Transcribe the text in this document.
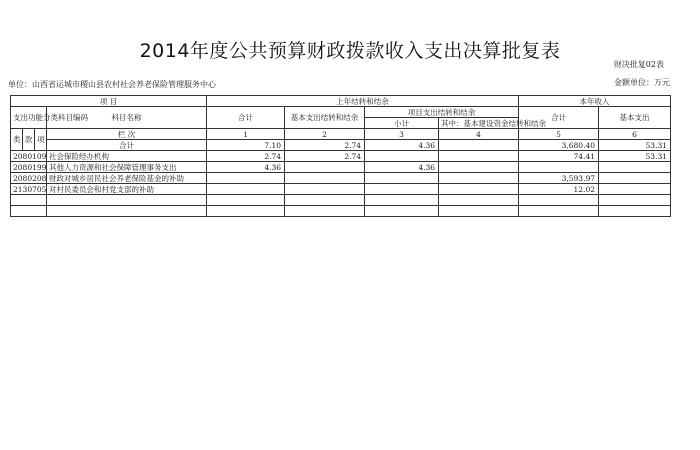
2014年度公共预算财政拨款收入支出决算批复表
财决批复02表
单位：山西省运城市稷山县农村社会养老保险管理服务中心	金额单位：万元
项 目				上年结转和结余				本年收入	
支出功能分类科目编码			科目名称	合计	基本支出结转和结余	项目支出结转和结余		合计	基本支出
						小计	其中：基本建设资金结转和结余		

类	款	项	栏 次	1	2	3	4	5	6
			合计	7.10	2.74	4.36		3,680.40	53.31
2080109			社会保险经办机构	2.74	2.74			74.41	53.31
2080199			其他人力资源和社会保障管理事务支出	4.36		4.36			
2080208			财政对城乡居民社会养老保险基金的补助					3,593.97	
2130705			对村民委员会和村党支部的补助					12.02	
